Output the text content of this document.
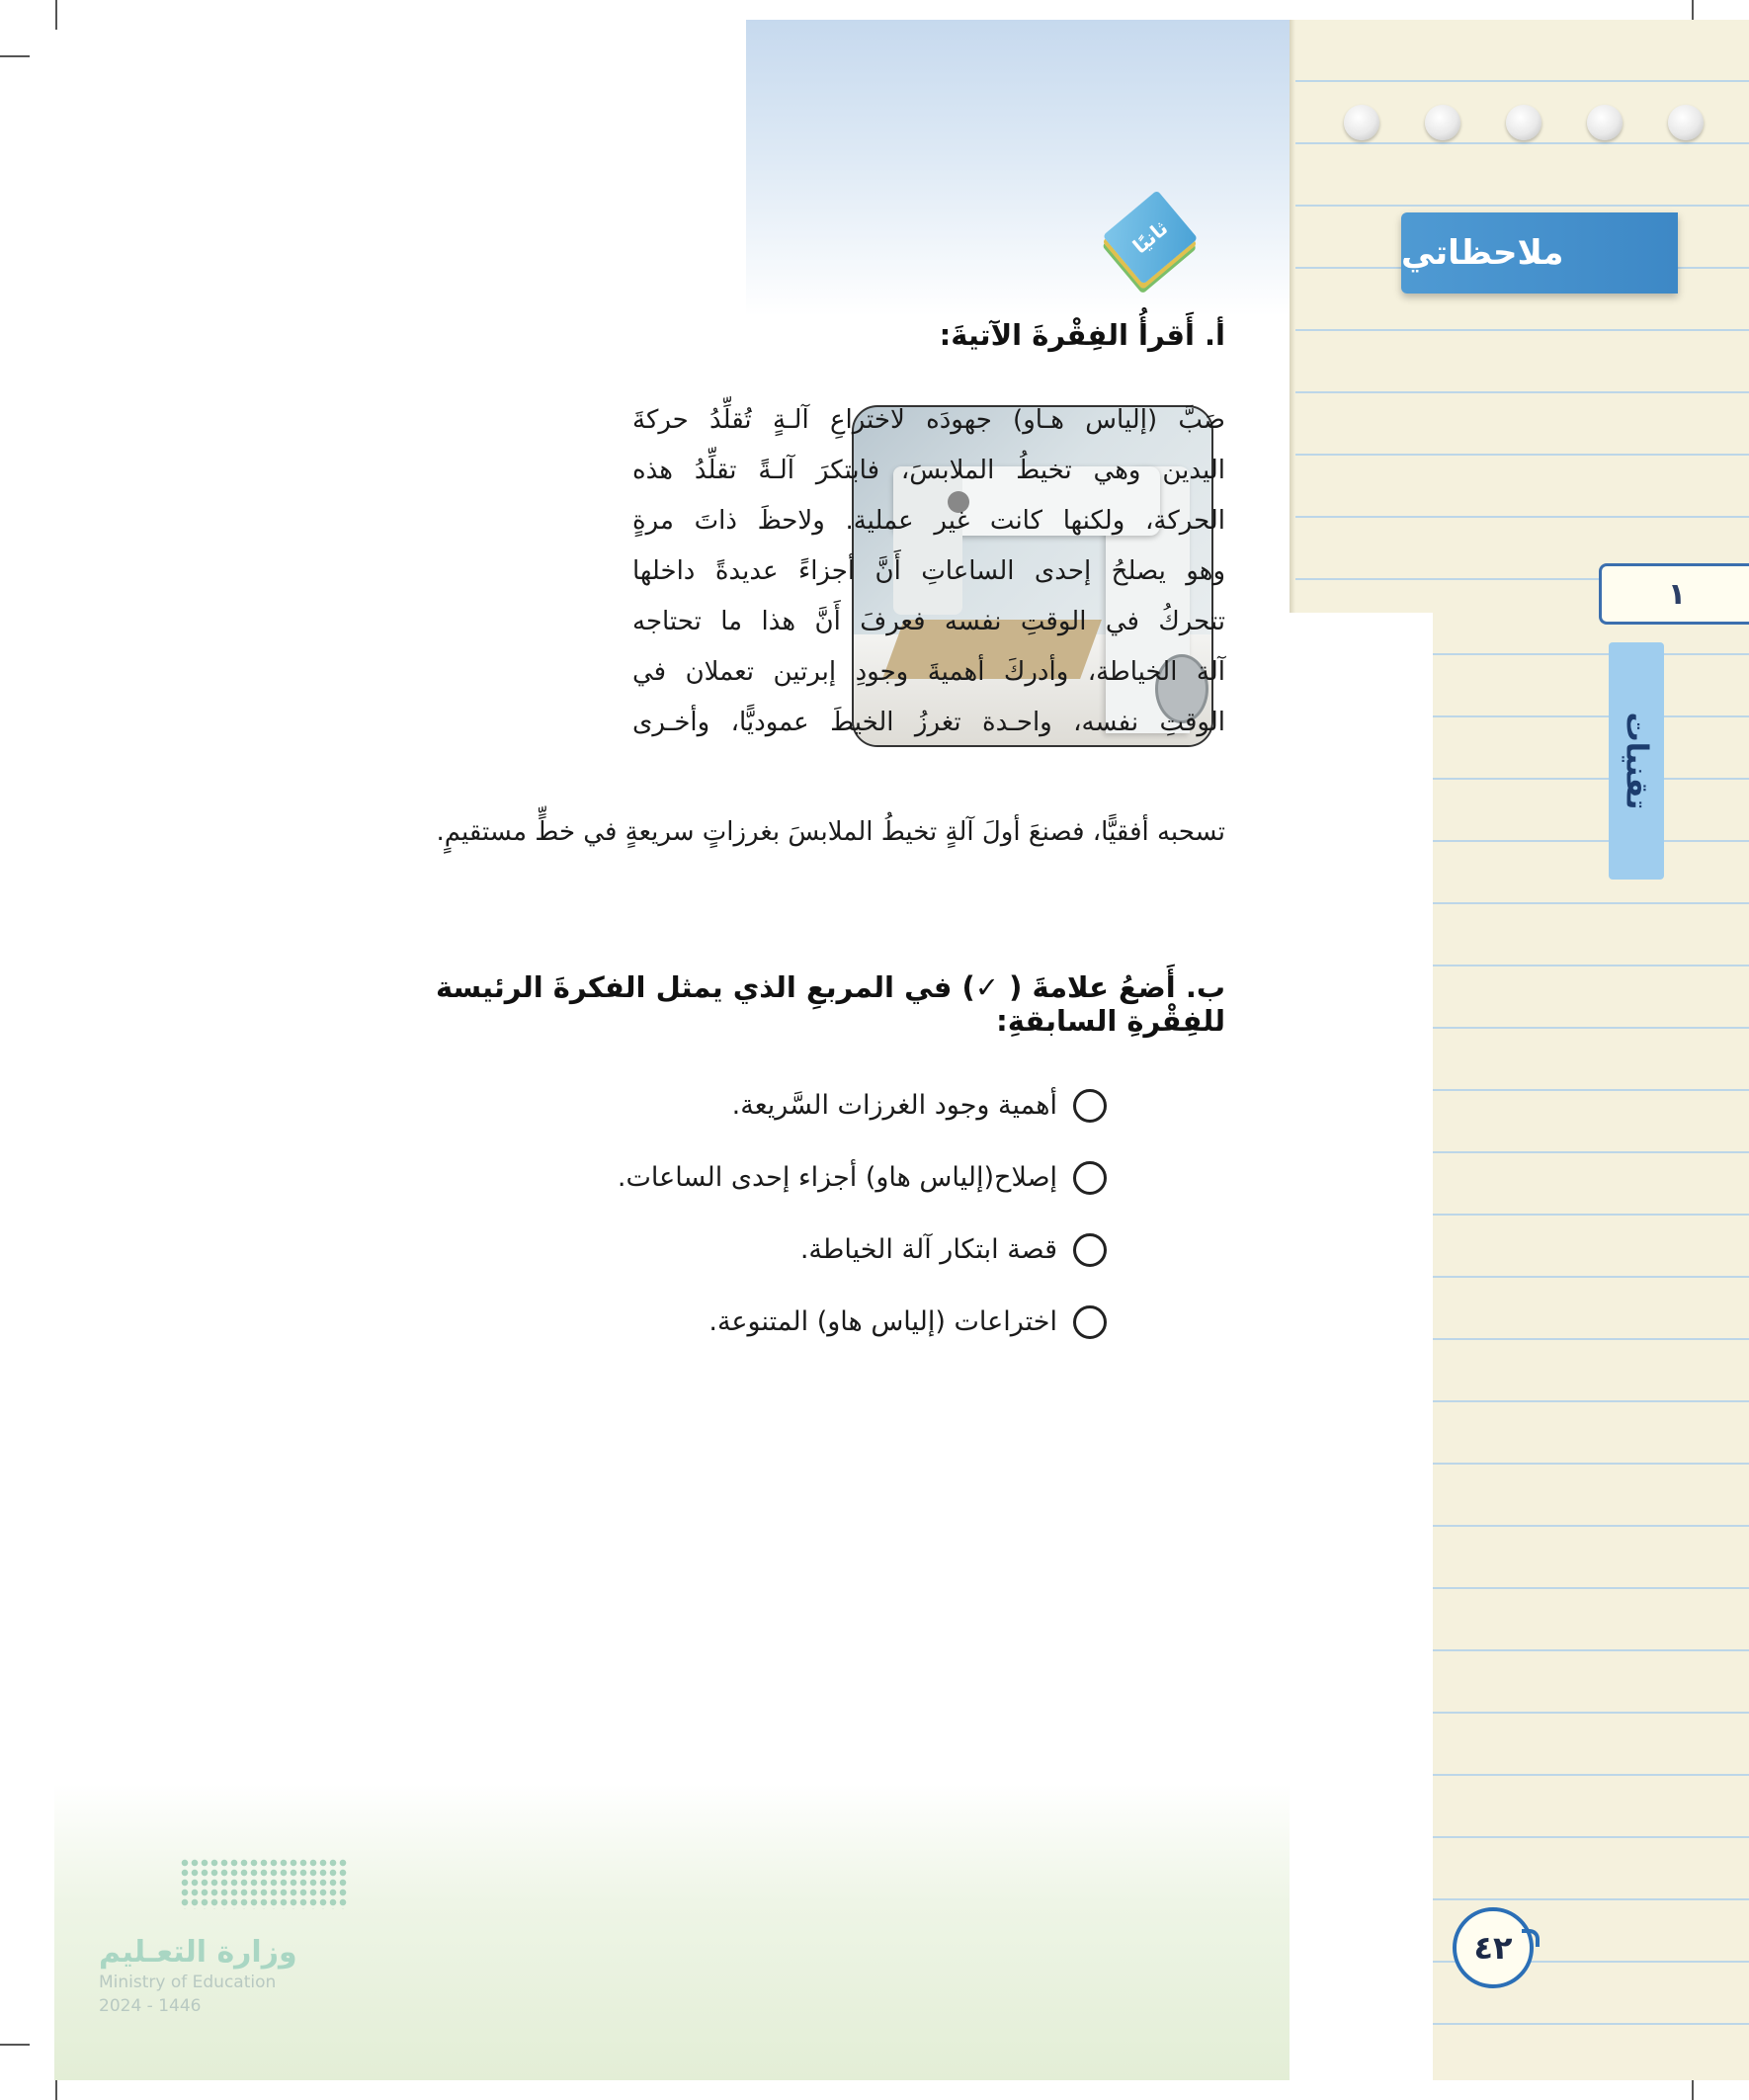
ملاحظاتي
١
تقنيات
ثانيًا
أ. أَقرأُ الفِقْرةَ الآتيةَ:
صَبَّ (إلياس هـاو) جهودَه لاختراعِ آلـةٍ تُقلِّدُ حركةَ
اليدين وهي تخيطُ الملابسَ، فابتكرَ آلـةً تقلِّدُ هذه
الحركة، ولكنها كانت غير عملية. ولاحظَ ذاتَ مرةٍ
وهو يصلحُ إحدى الساعاتِ أَنَّ أجزاءً عديدةً داخلها
تتحركُ في الوقتِ نفسه فعرفَ أَنَّ هذا ما تحتاجه
آلة الخياطة، وأدركَ أهميةَ وجودِ إبرتين تعملان في
الوقتِ نفسه، واحـدة تغرزُ الخيطَ عموديًّا، وأخـرى
تسحبه أفقيًّا، فصنعَ أولَ آلةٍ تخيطُ الملابسَ بغرزاتٍ سريعةٍ في خطٍّ مستقيمٍ.
ب. أَضعُ علامةَ ( ✓) في المربعِ الذي يمثل الفكرةَ الرئيسة للفِقْرةِ السابقةِ:
أهمية وجود الغرزات السَّريعة.
إصلاح(إلياس هاو) أجزاء إحدى الساعات.
قصة ابتكار آلة الخياطة.
اختراعات (إلياس هاو) المتنوعة.
وزارة التعـليم
Ministry of Education
2024 - 1446
٤٢
